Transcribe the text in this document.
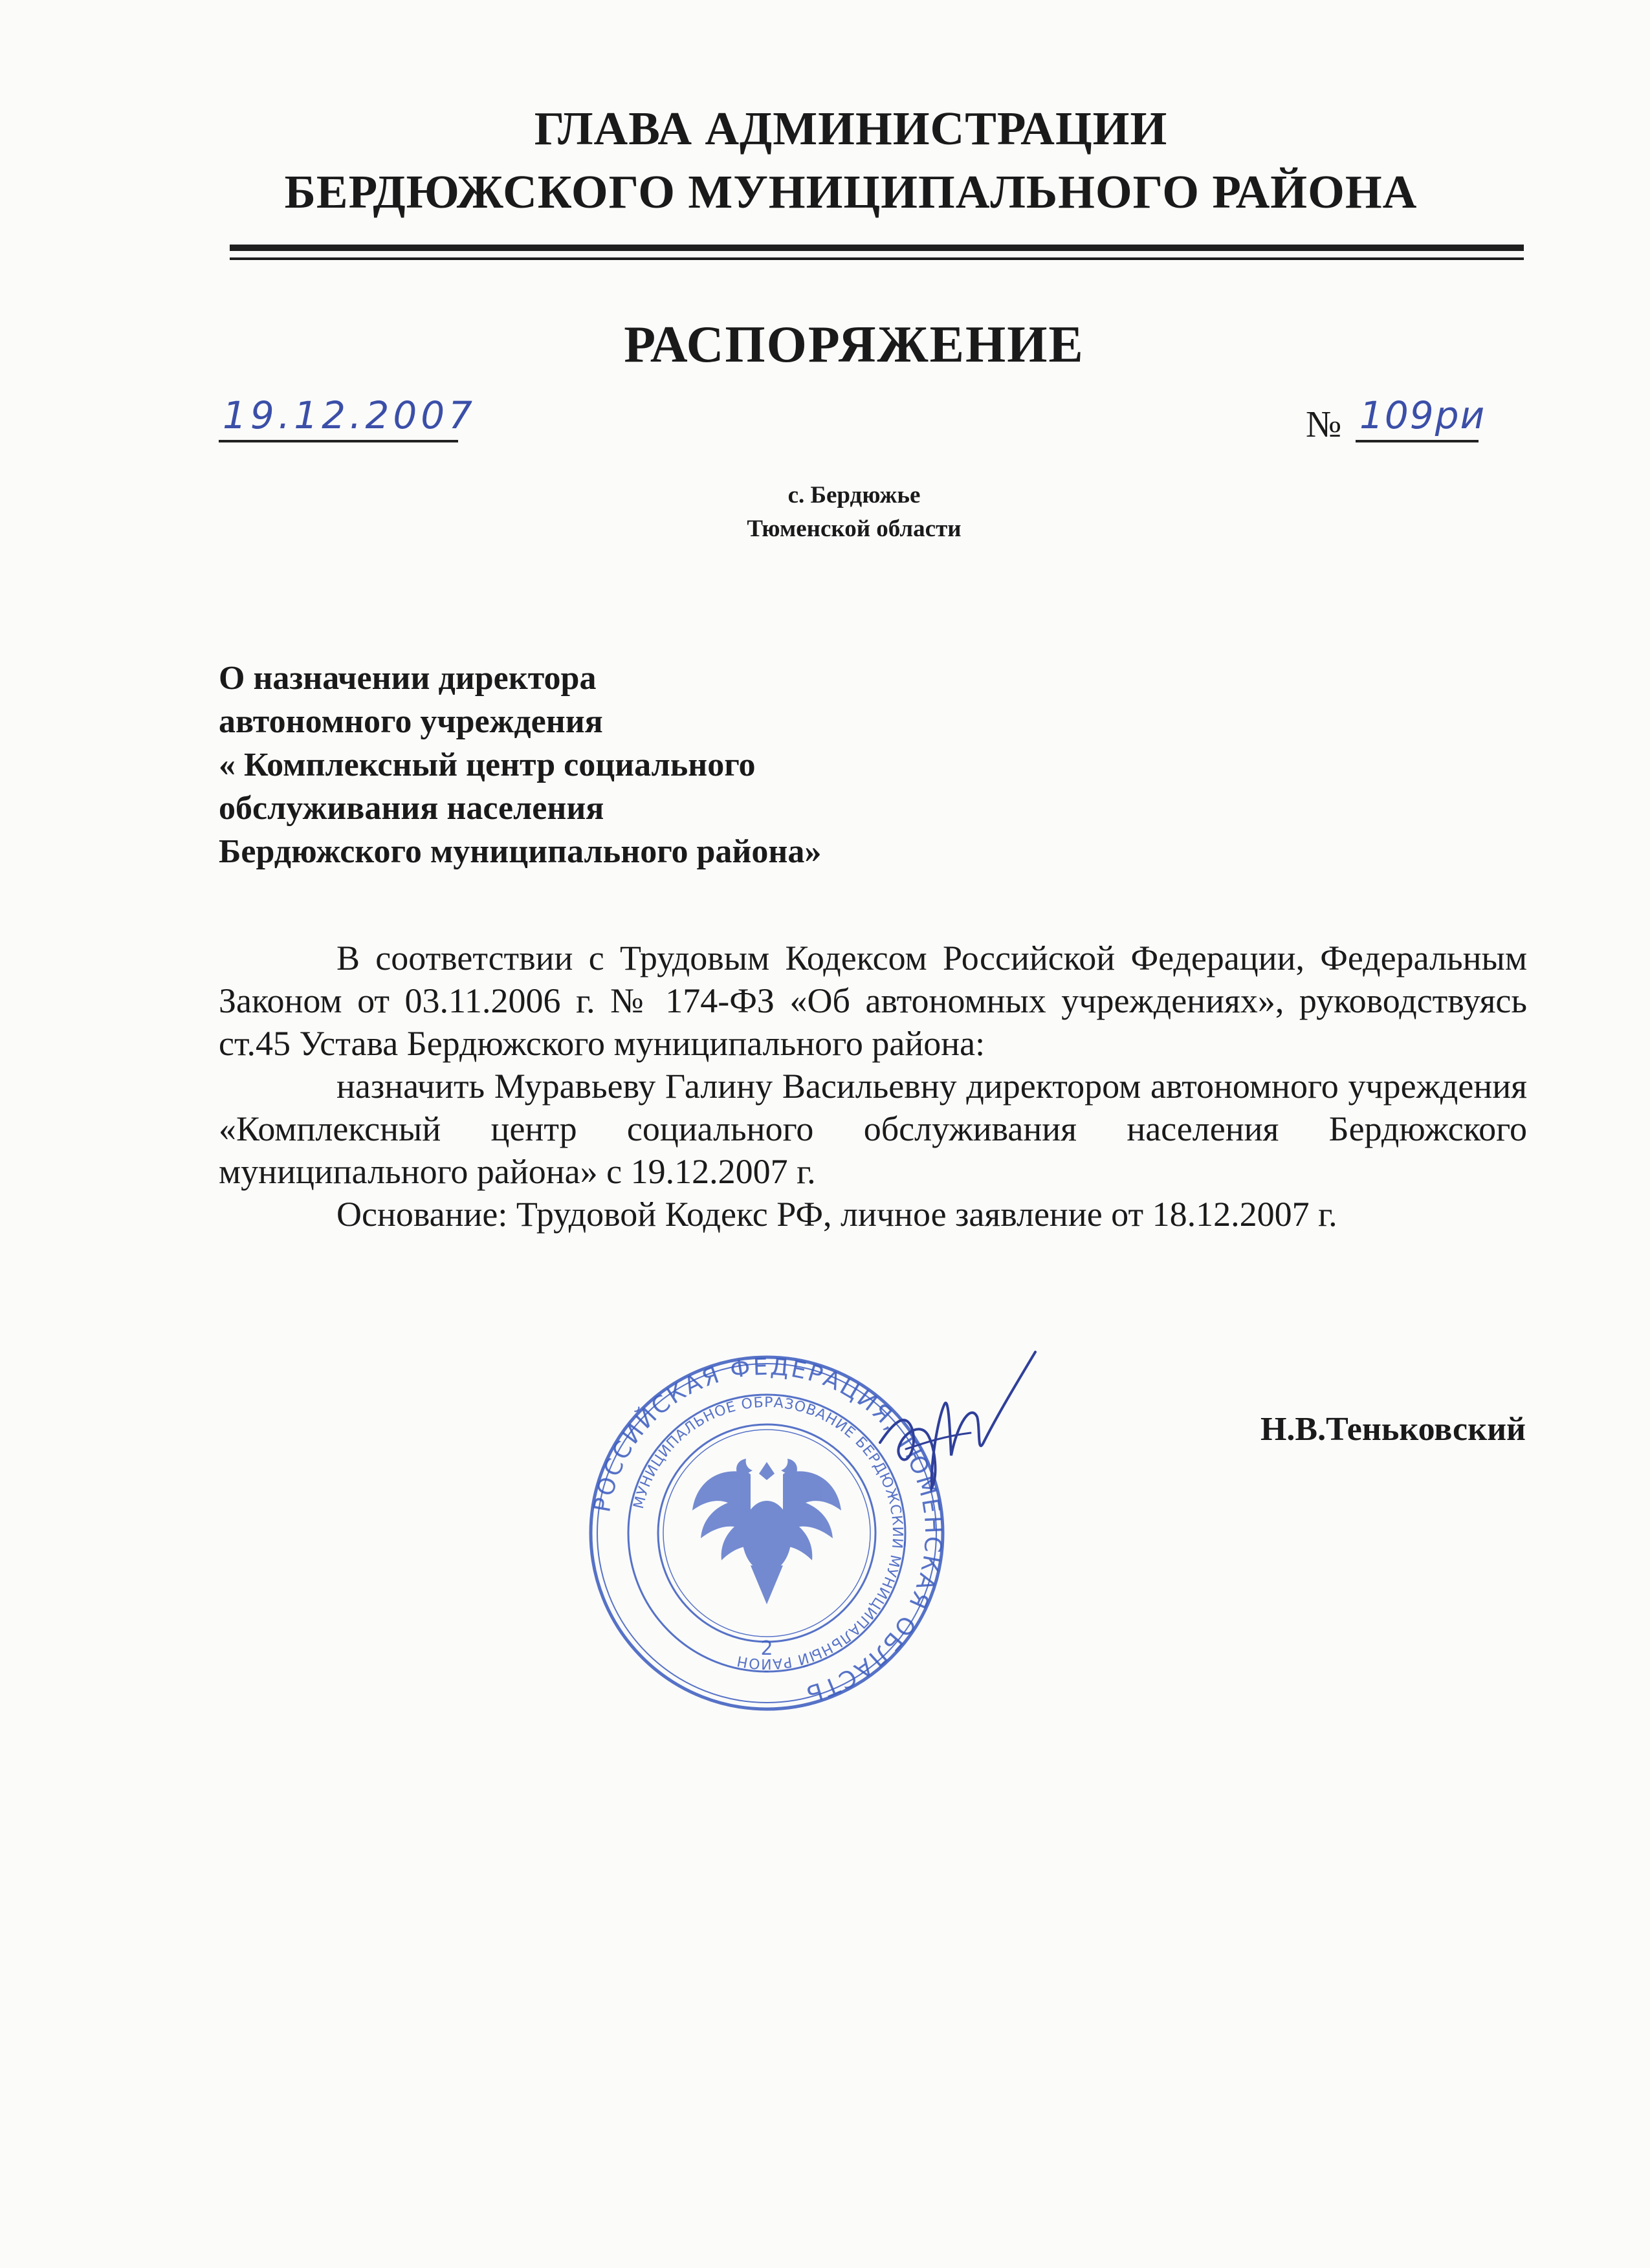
ГЛАВА АДМИНИСТРАЦИИ
БЕРДЮЖСКОГО МУНИЦИПАЛЬНОГО РАЙОНА
РАСПОРЯЖЕНИЕ
19.12.2007	№ 109ри
с. Бердюжье
Тюменской области
О назначении директора
автономного учреждения
« Комплексный центр социального
обслуживания населения
Бердюжского муниципального района»

В соответствии с Трудовым Кодексом Российской Федерации, Федеральным Законом от 03.11.2006 г. № 174-ФЗ «Об автономных учреждениях», руководствуясь ст.45 Устава Бердюжского муниципального района:

назначить Муравьеву Галину Васильевну директором автономного учреждения «Комплексный центр социального обслуживания населения Бердюжского муниципального района» с 19.12.2007 г.

Основание: Трудовой Кодекс РФ, личное заявление от 18.12.2007 г.

РОССИЙСКАЯ ФЕДЕРАЦИЯ, ТЮМЕНСКАЯ ОБЛАСТЬ
МУНИЦИПАЛЬНОЕ ОБРАЗОВАНИЕ БЕРДЮЖСКИЙ МУНИЦИПАЛЬНЫЙ РАЙОН
2
Н.В.Теньковский
